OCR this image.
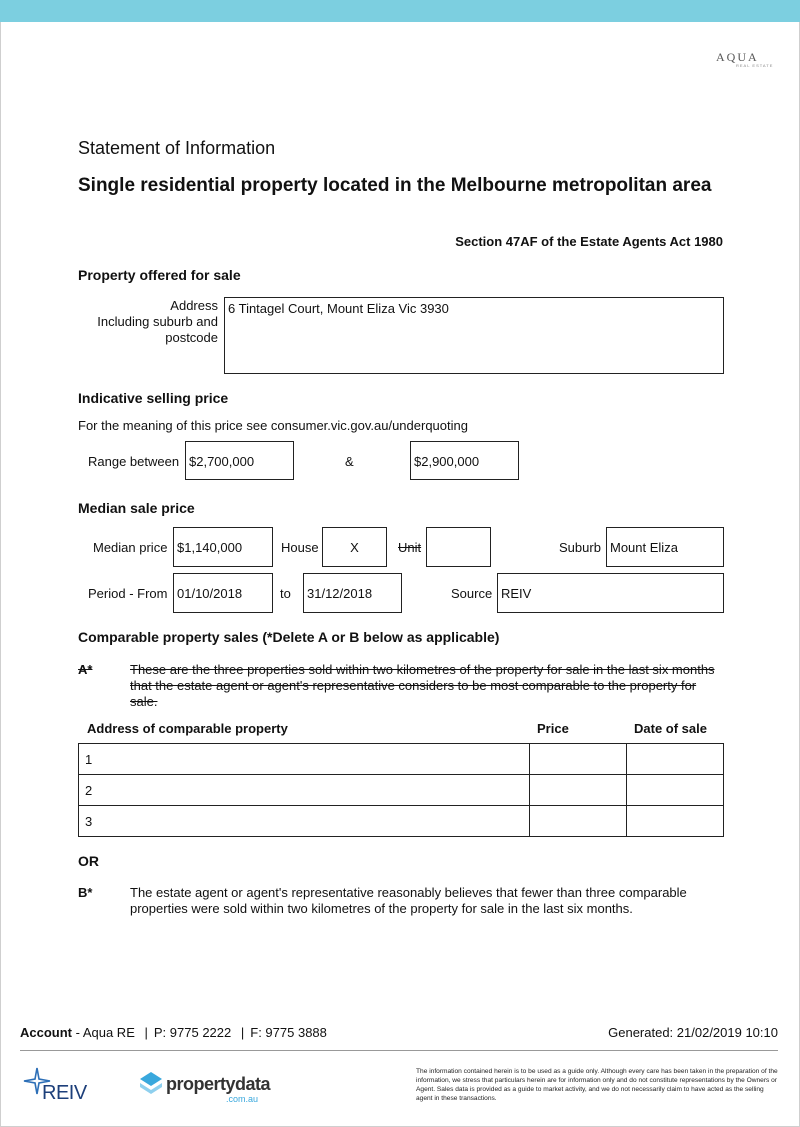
AQUA
REAL ESTATE
Statement of Information
Single residential property located in the Melbourne metropolitan area
Section 47AF of the Estate Agents Act 1980
Property offered for sale
Address
Including suburb and
postcode
6 Tintagel Court, Mount Eliza Vic 3930
Indicative selling price
For the meaning of this price see consumer.vic.gov.au/underquoting
Range between $2,700,000	&	$2,900,000
Median sale price
Median price $1,140,000	House	X	Unit	Suburb Mount Eliza
Period - From 01/10/2018	to	31/12/2018	Source REIV
Comparable property sales (*Delete A or B below as applicable)
A*	These are the three properties sold within two kilometres of the property for sale in the last six months that the estate agent or agent's representative considers to be most comparable to the property for sale.
Address of comparable property	Price	Date of sale
1		
2		
3		
OR
B*	The estate agent or agent's representative reasonably believes that fewer than three comparable properties were sold within two kilometres of the property for sale in the last six months.
Account - Aqua RE | P: 9775 2222 | F: 9775 3888	Generated: 21/02/2019 10:10
REIV	propertydata
.com.au
The information contained herein is to be used as a guide only. Although every care has been taken in the preparation of the information, we stress that particulars herein are for information only and do not constitute representations by the Owners or Agent. Sales data is provided as a guide to market activity, and we do not necessarily claim to have acted as the selling agent in these transactions.
